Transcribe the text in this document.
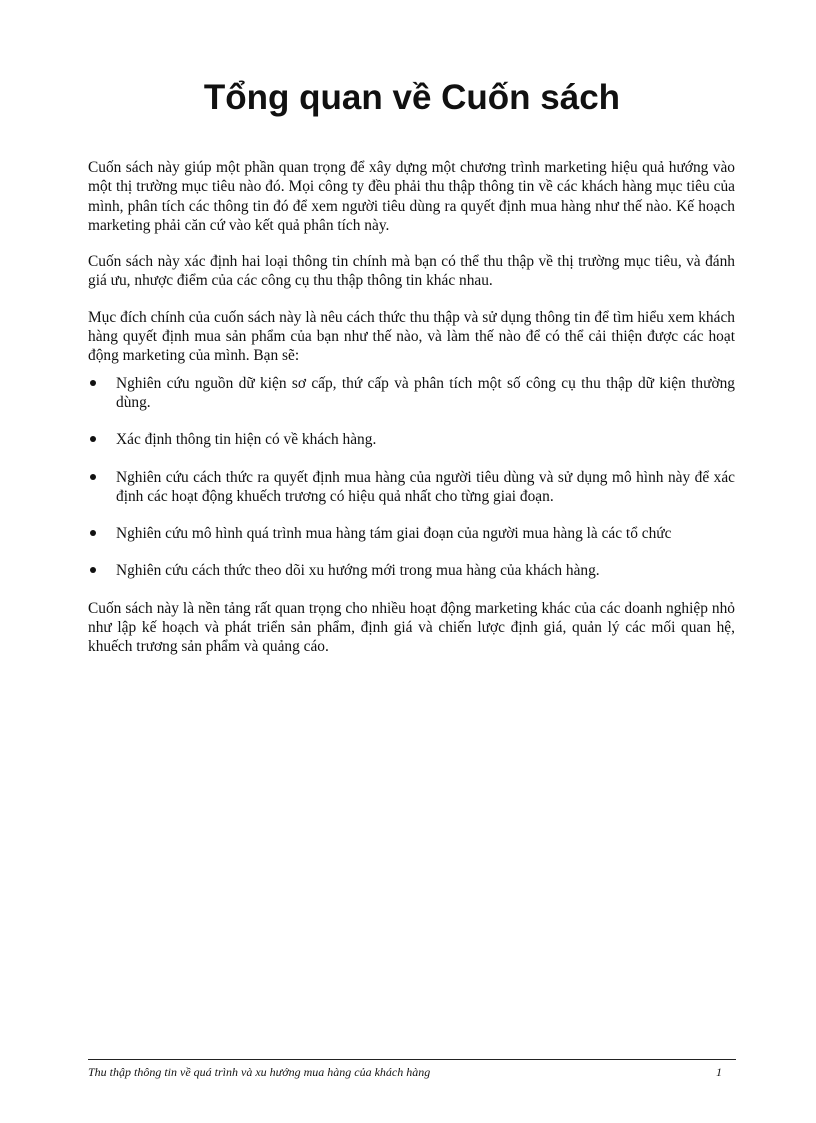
Tổng quan về Cuốn sách

Cuốn sách này giúp một phần quan trọng để xây dựng một chương trình marketing hiệu quả hướng vào một thị trường mục tiêu nào đó. Mọi công ty đều phải thu thập thông tin về các khách hàng mục tiêu của mình, phân tích các thông tin đó để xem người tiêu dùng ra quyết định mua hàng như thế nào. Kế hoạch marketing phải căn cứ vào kết quả phân tích này.

Cuốn sách này xác định hai loại thông tin chính mà bạn có thể thu thập về thị trường mục tiêu, và đánh giá ưu, nhược điểm của các công cụ thu thập thông tin khác nhau.

Mục đích chính của cuốn sách này là nêu cách thức thu thập và sử dụng thông tin để tìm hiểu xem khách hàng quyết định mua sản phẩm của bạn như thế nào, và làm thế nào để có thể cải thiện được các hoạt động marketing của mình. Bạn sẽ:

Nghiên cứu nguồn dữ kiện sơ cấp, thứ cấp và phân tích một số công cụ thu thập dữ kiện thường dùng.
Xác định thông tin hiện có về khách hàng.
Nghiên cứu cách thức ra quyết định mua hàng của người tiêu dùng và sử dụng mô hình này để xác định các hoạt động khuếch trương có hiệu quả nhất cho từng giai đoạn.
Nghiên cứu mô hình quá trình mua hàng tám giai đoạn của người mua hàng là các tổ chức
Nghiên cứu cách thức theo dõi xu hướng mới trong mua hàng của khách hàng.

Cuốn sách này là nền tảng rất quan trọng cho nhiều hoạt động marketing khác của các doanh nghiệp nhỏ như lập kế hoạch và phát triển sản phẩm, định giá và chiến lược định giá, quản lý các mối quan hệ, khuếch trương sản phẩm và quảng cáo.

Thu thập thông tin về quá trình và xu hướng mua hàng của khách hàng	1
